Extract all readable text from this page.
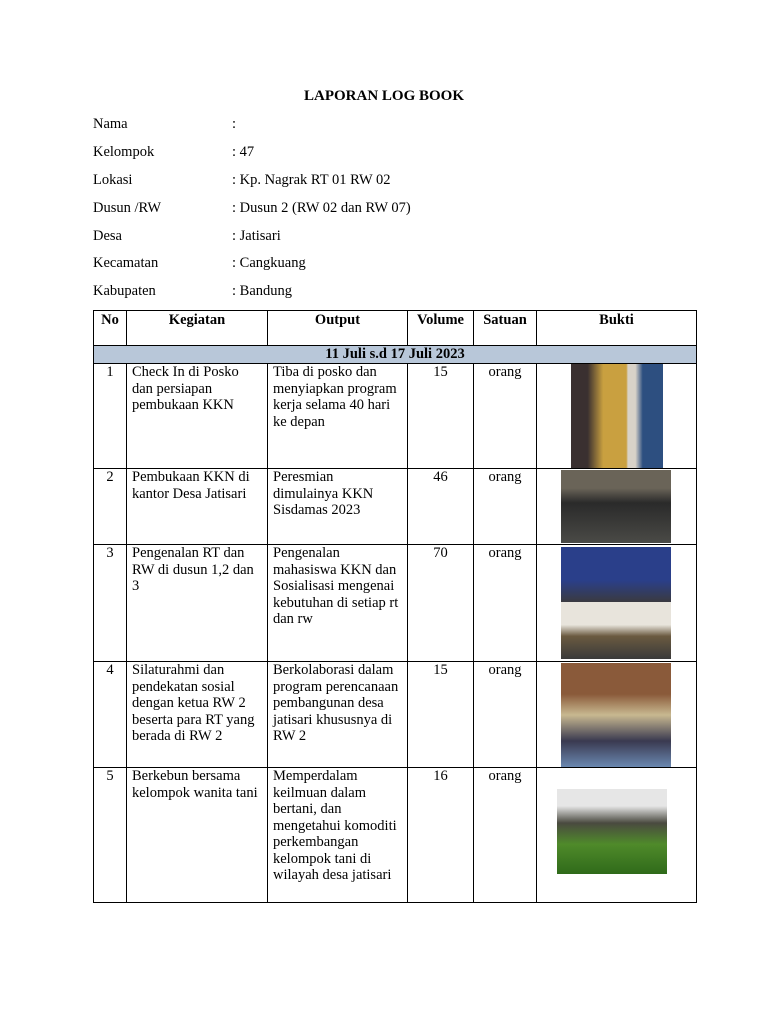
LAPORAN LOG BOOK
Nama	:
Kelompok	: 47
Lokasi	: Kp. Nagrak RT 01 RW 02
Dusun /RW	: Dusun 2 (RW 02 dan RW 07)
Desa	: Jatisari
Kecamatan	: Cangkuang
Kabupaten	: Bandung
No	Kegiatan	Output	Volume	Satuan	Bukti
11 Juli s.d 17 Juli 2023					
1	Check In di Posko dan persiapan pembukaan KKN	Tiba di posko dan menyiapkan program kerja selama 40 hari ke depan	15	orang	

2	Pembukaan KKN di kantor Desa Jatisari	Peresmian dimulainya KKN Sisdamas 2023	46	orang	

3	Pengenalan RT dan RW di dusun 1,2 dan 3	Pengenalan mahasiswa KKN dan Sosialisasi mengenai kebutuhan di setiap rt dan rw	70	orang	

4	Silaturahmi dan pendekatan sosial dengan ketua RW 2 beserta para RT yang berada di RW 2	Berkolaborasi dalam program perencanaan pembangunan desa jatisari khususnya di RW 2	15	orang	

5	Berkebun bersama kelompok wanita tani	Memperdalam keilmuan dalam bertani, dan mengetahui komoditi perkembangan kelompok tani di wilayah desa jatisari	16	orang	
